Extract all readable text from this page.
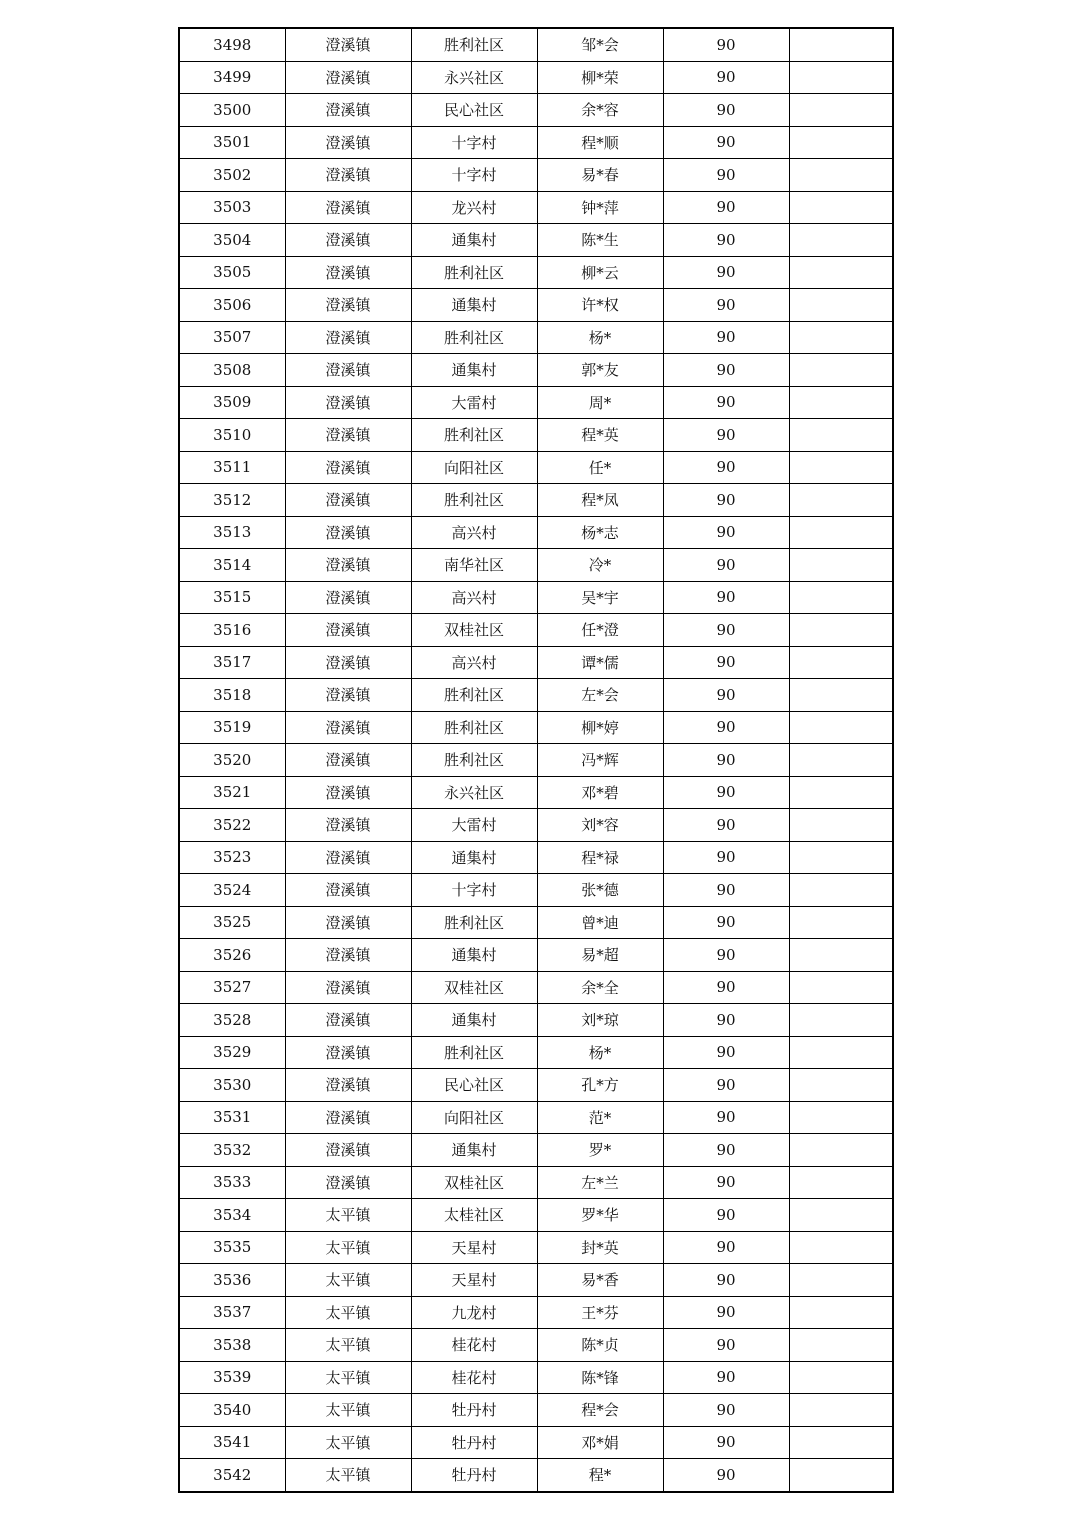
3498	澄溪镇	胜利社区	邹*会	90	
3499	澄溪镇	永兴社区	柳*荣	90	
3500	澄溪镇	民心社区	余*容	90	
3501	澄溪镇	十字村	程*顺	90	
3502	澄溪镇	十字村	易*春	90	
3503	澄溪镇	龙兴村	钟*萍	90	
3504	澄溪镇	通集村	陈*生	90	
3505	澄溪镇	胜利社区	柳*云	90	
3506	澄溪镇	通集村	许*权	90	
3507	澄溪镇	胜利社区	杨*	90	
3508	澄溪镇	通集村	郭*友	90	
3509	澄溪镇	大雷村	周*	90	
3510	澄溪镇	胜利社区	程*英	90	
3511	澄溪镇	向阳社区	任*	90	
3512	澄溪镇	胜利社区	程*凤	90	
3513	澄溪镇	高兴村	杨*志	90	
3514	澄溪镇	南华社区	冷*	90	
3515	澄溪镇	高兴村	吴*宇	90	
3516	澄溪镇	双桂社区	任*澄	90	
3517	澄溪镇	高兴村	谭*儒	90	
3518	澄溪镇	胜利社区	左*会	90	
3519	澄溪镇	胜利社区	柳*婷	90	
3520	澄溪镇	胜利社区	冯*辉	90	
3521	澄溪镇	永兴社区	邓*碧	90	
3522	澄溪镇	大雷村	刘*容	90	
3523	澄溪镇	通集村	程*禄	90	
3524	澄溪镇	十字村	张*德	90	
3525	澄溪镇	胜利社区	曾*迪	90	
3526	澄溪镇	通集村	易*超	90	
3527	澄溪镇	双桂社区	余*全	90	
3528	澄溪镇	通集村	刘*琼	90	
3529	澄溪镇	胜利社区	杨*	90	
3530	澄溪镇	民心社区	孔*方	90	
3531	澄溪镇	向阳社区	范*	90	
3532	澄溪镇	通集村	罗*	90	
3533	澄溪镇	双桂社区	左*兰	90	
3534	太平镇	太桂社区	罗*华	90	
3535	太平镇	天星村	封*英	90	
3536	太平镇	天星村	易*香	90	
3537	太平镇	九龙村	王*芬	90	
3538	太平镇	桂花村	陈*贞	90	
3539	太平镇	桂花村	陈*锋	90	
3540	太平镇	牡丹村	程*会	90	
3541	太平镇	牡丹村	邓*娟	90	
3542	太平镇	牡丹村	程*	90	
